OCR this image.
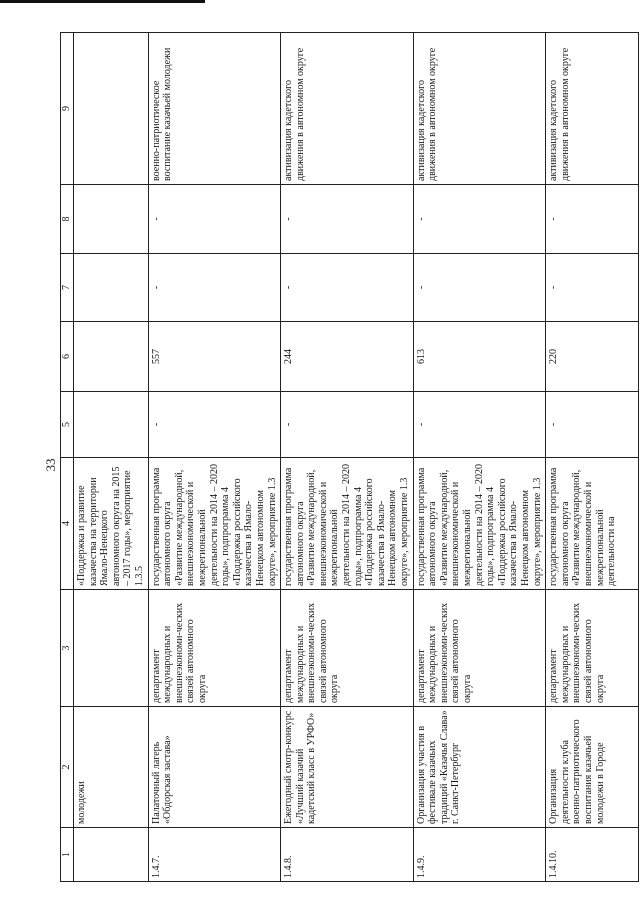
33
1	2	3	4	5	6	7	8	9
	молодежи		«Поддержка и развитие казачества на территории Ямало-Ненецкого автономного округа на 2015 – 2017 годы», мероприятие 1.3.5					
1.4.7.	Палаточный лагерь «Обдорская застава»	департамент международных и внешнеэкономи-ческих связей автономного округа	государственная программа автономного округа «Развитие международной, внешнеэкономической и межрегиональной деятельности на 2014 – 2020 годы», подпрограмма 4 «Поддержка российского казачества в Ямало-Ненецком автономном округе», мероприятие 1.3	-	557	-	-	военно-патриотическое воспитание казачьей молодежи
1.4.8.	Ежегодный смотр-конкурс «Лучший казачий кадетский класс в УРФО»	департамент международных и внешнеэкономи-ческих связей автономного округа	государственная программа автономного округа «Развитие международной, внешнеэкономической и межрегиональной деятельности на 2014 – 2020 годы», подпрограмма 4 «Поддержка российского казачества в Ямало-Ненецком автономном округе», мероприятие 1.3	-	244	-	-	активизация кадетского движения в автономном округе
1.4.9.	Организация участия в фестивале казачьих традиций «Казачья Слава» г. Санкт-Петербург	департамент международных и внешнеэкономи-ческих связей автономного округа	государственная программа автономного округа «Развитие международной, внешнеэкономической и межрегиональной деятельности на 2014 – 2020 годы», подпрограмма 4 «Поддержка российского казачества в Ямало-Ненецком автономном округе», мероприятие 1.3	-	613	-	-	активизация кадетского движения в автономном округе
1.4.10.	Организация деятельности клуба военно-патриотического воспитания казачьей молодежи в Городе	департамент международных и внешнеэкономи-ческих связей автономного округа	государственная программа автономного округа «Развитие международной, внешнеэкономической и межрегиональной деятельности на	-	220	-	-	активизация кадетского движения в автономном округе
